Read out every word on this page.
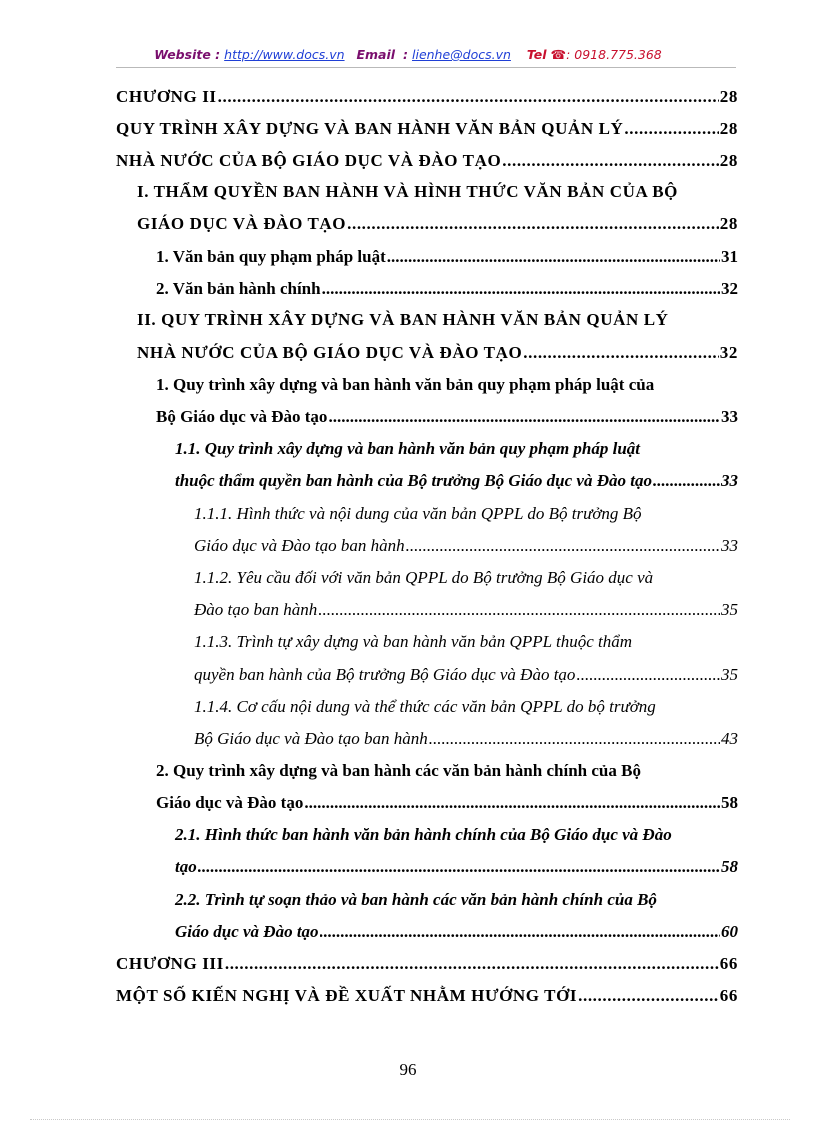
Website : http://www.docs.vn Email : lienhe@docs.vn Tel ☎: 0918.775.368
CHƯƠNG II .....	28
QUY TRÌNH XÂY DỰNG VÀ BAN HÀNH VĂN BẢN QUẢN LÝ .....	28
NHÀ NƯỚC CỦA BỘ GIÁO DỤC VÀ ĐÀO TẠO .....	28
I. THẨM QUYỀN BAN HÀNH VÀ HÌNH THỨC VĂN BẢN CỦA BỘ
GIÁO DỤC VÀ ĐÀO TẠO .....	28
1. Văn bản quy phạm pháp luật .....	31
2. Văn bản hành chính .....	32
II. QUY TRÌNH XÂY DỰNG VÀ BAN HÀNH VĂN BẢN QUẢN LÝ
NHÀ NƯỚC CỦA BỘ GIÁO DỤC VÀ ĐÀO TẠO .....	32
1. Quy trình xây dựng và ban hành văn bản quy phạm pháp luật của
Bộ Giáo dục và Đào tạo .....	33
1.1. Quy trình xây dựng và ban hành văn bản quy phạm pháp luật
thuộc thẩm quyền ban hành của Bộ trưởng Bộ Giáo dục và Đào tạo .....	33
1.1.1. Hình thức và nội dung của văn bản QPPL do Bộ trưởng Bộ
Giáo dục và Đào tạo ban hành .....	33
1.1.2. Yêu cầu đối với văn bản QPPL do Bộ trưởng Bộ Giáo dục và
Đào tạo ban hành .....	35
1.1.3. Trình tự xây dựng và ban hành văn bản QPPL thuộc thẩm
quyền ban hành của Bộ trưởng Bộ Giáo dục và Đào tạo .....	35
1.1.4. Cơ cấu nội dung và thể thức các văn bản QPPL do bộ trưởng
Bộ Giáo dục và Đào tạo ban hành .....	43
2. Quy trình xây dựng và ban hành các văn bản hành chính của Bộ
Giáo dục và Đào tạo .....	58
2.1. Hình thức ban hành văn bản hành chính của Bộ Giáo dục và Đào
tạo .....	58
2.2. Trình tự soạn thảo và ban hành các văn bản hành chính của Bộ
Giáo dục và Đào tạo .....	60
CHƯƠNG III .....	66
MỘT SỐ KIẾN NGHỊ VÀ ĐỀ XUẤT NHẰM HƯỚNG TỚI .....	66
96
